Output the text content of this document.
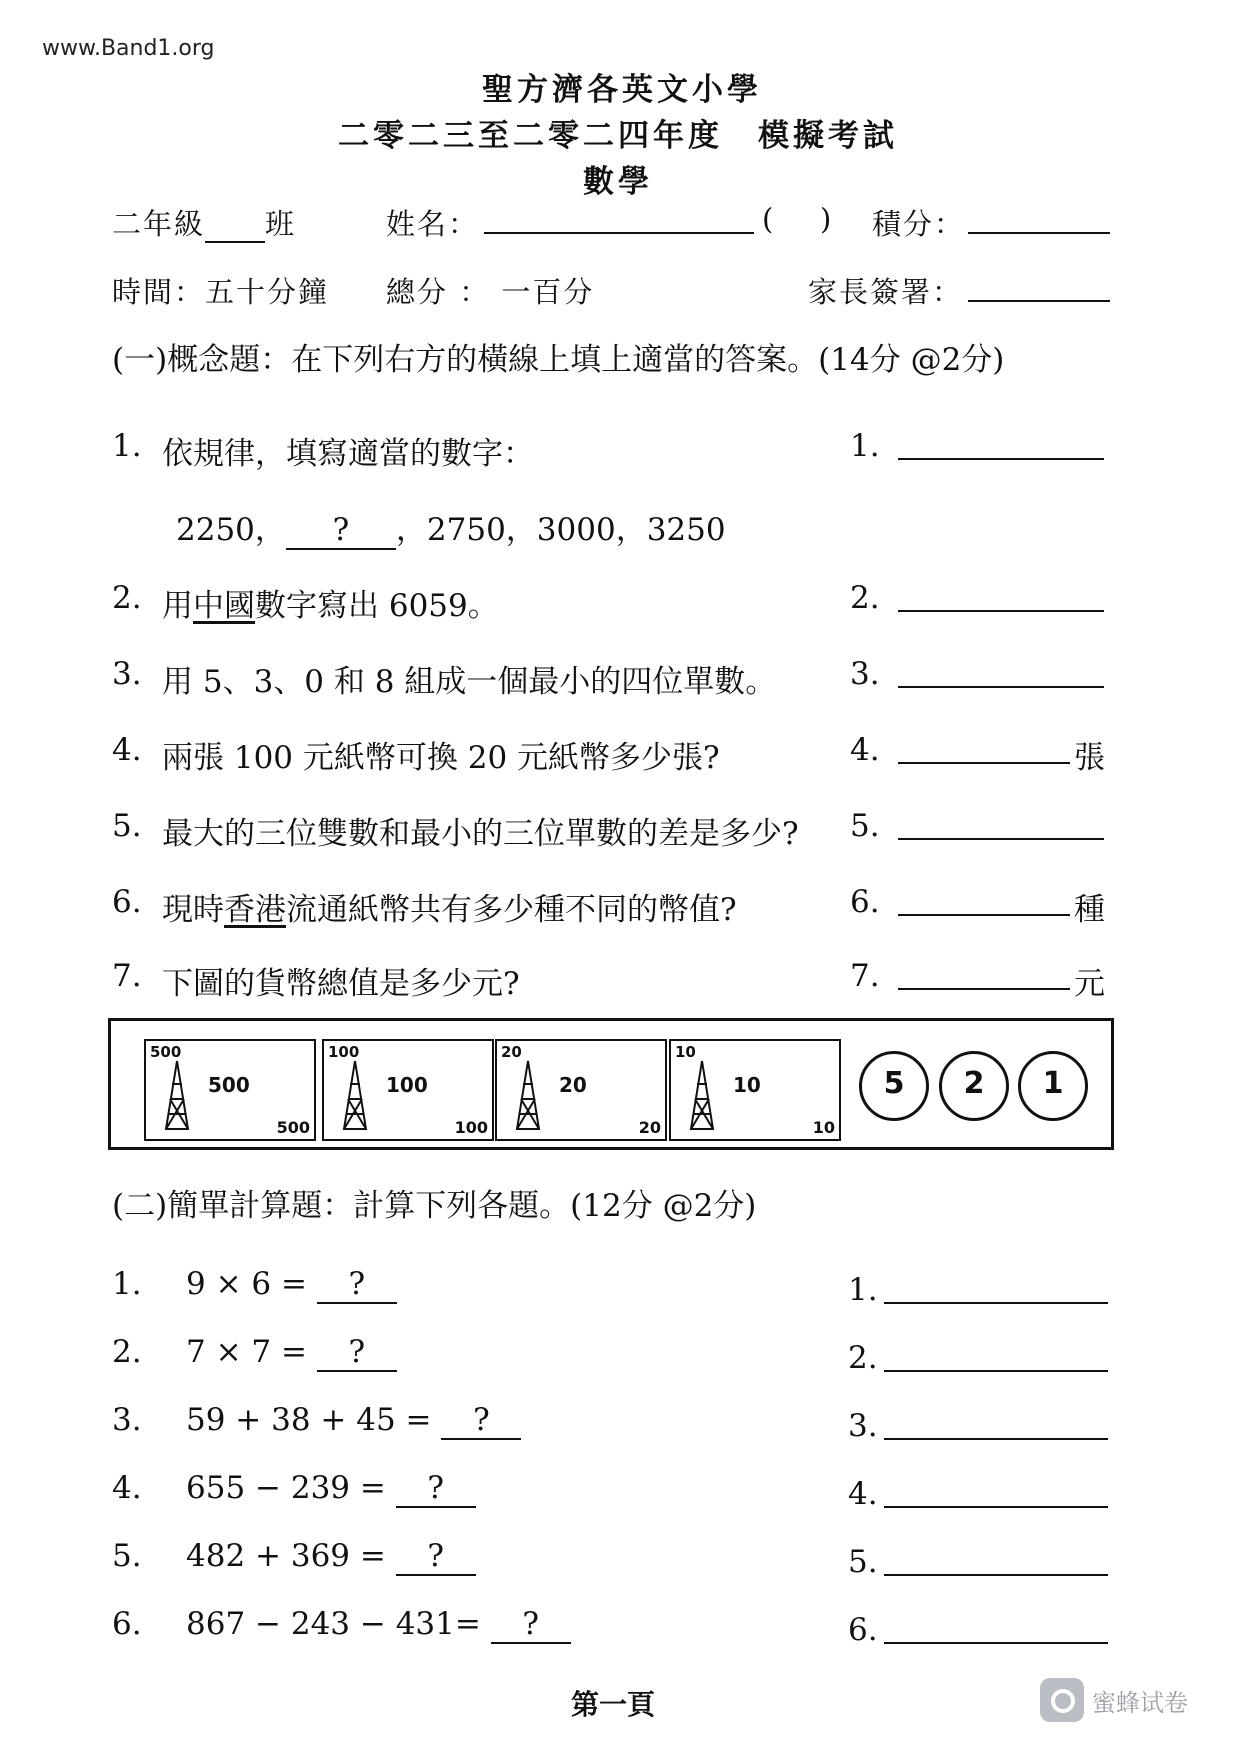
www.Band1.org
聖方濟各英文小學
二零二三至二零二四年度 模擬考試
數學
二年級 班	姓名：	( ) 積分：
時間：五十分鐘 總分 ： 一百分	家長簽署：
(一)概念題：在下列右方的橫線上填上適當的答案。(14分 @2分)
1. 依規律，填寫適當的數字：
2250， ? ，2750，3000，3250
1.
2. 用中國數字寫出 6059。	2.
3. 用 5、3、0 和 8 組成一個最小的四位單數。 3.
4. 兩張 100 元紙幣可換 20 元紙幣多少張?	4.	張
5. 最大的三位雙數和最小的三位單數的差是多少? 5.
6. 現時香港流通紙幣共有多少種不同的幣值?	6.	種
7. 下圖的貨幣總值是多少元?	7.	元
500
500
500
100
100
100
20
20
20
10
10
10
5	2	1
(二)簡單計算題：計算下列各題。(12分 @2分)
1. 9 × 6 = ?	1.
2. 7 × 7 = ?	2.
3. 59 + 38 + 45 = ?	3.
4. 655 − 239 = ?	4.
5. 482 + 369 = ?	5.
6. 867 − 243 − 431= ?	6.
第一頁	蜜蜂试卷
